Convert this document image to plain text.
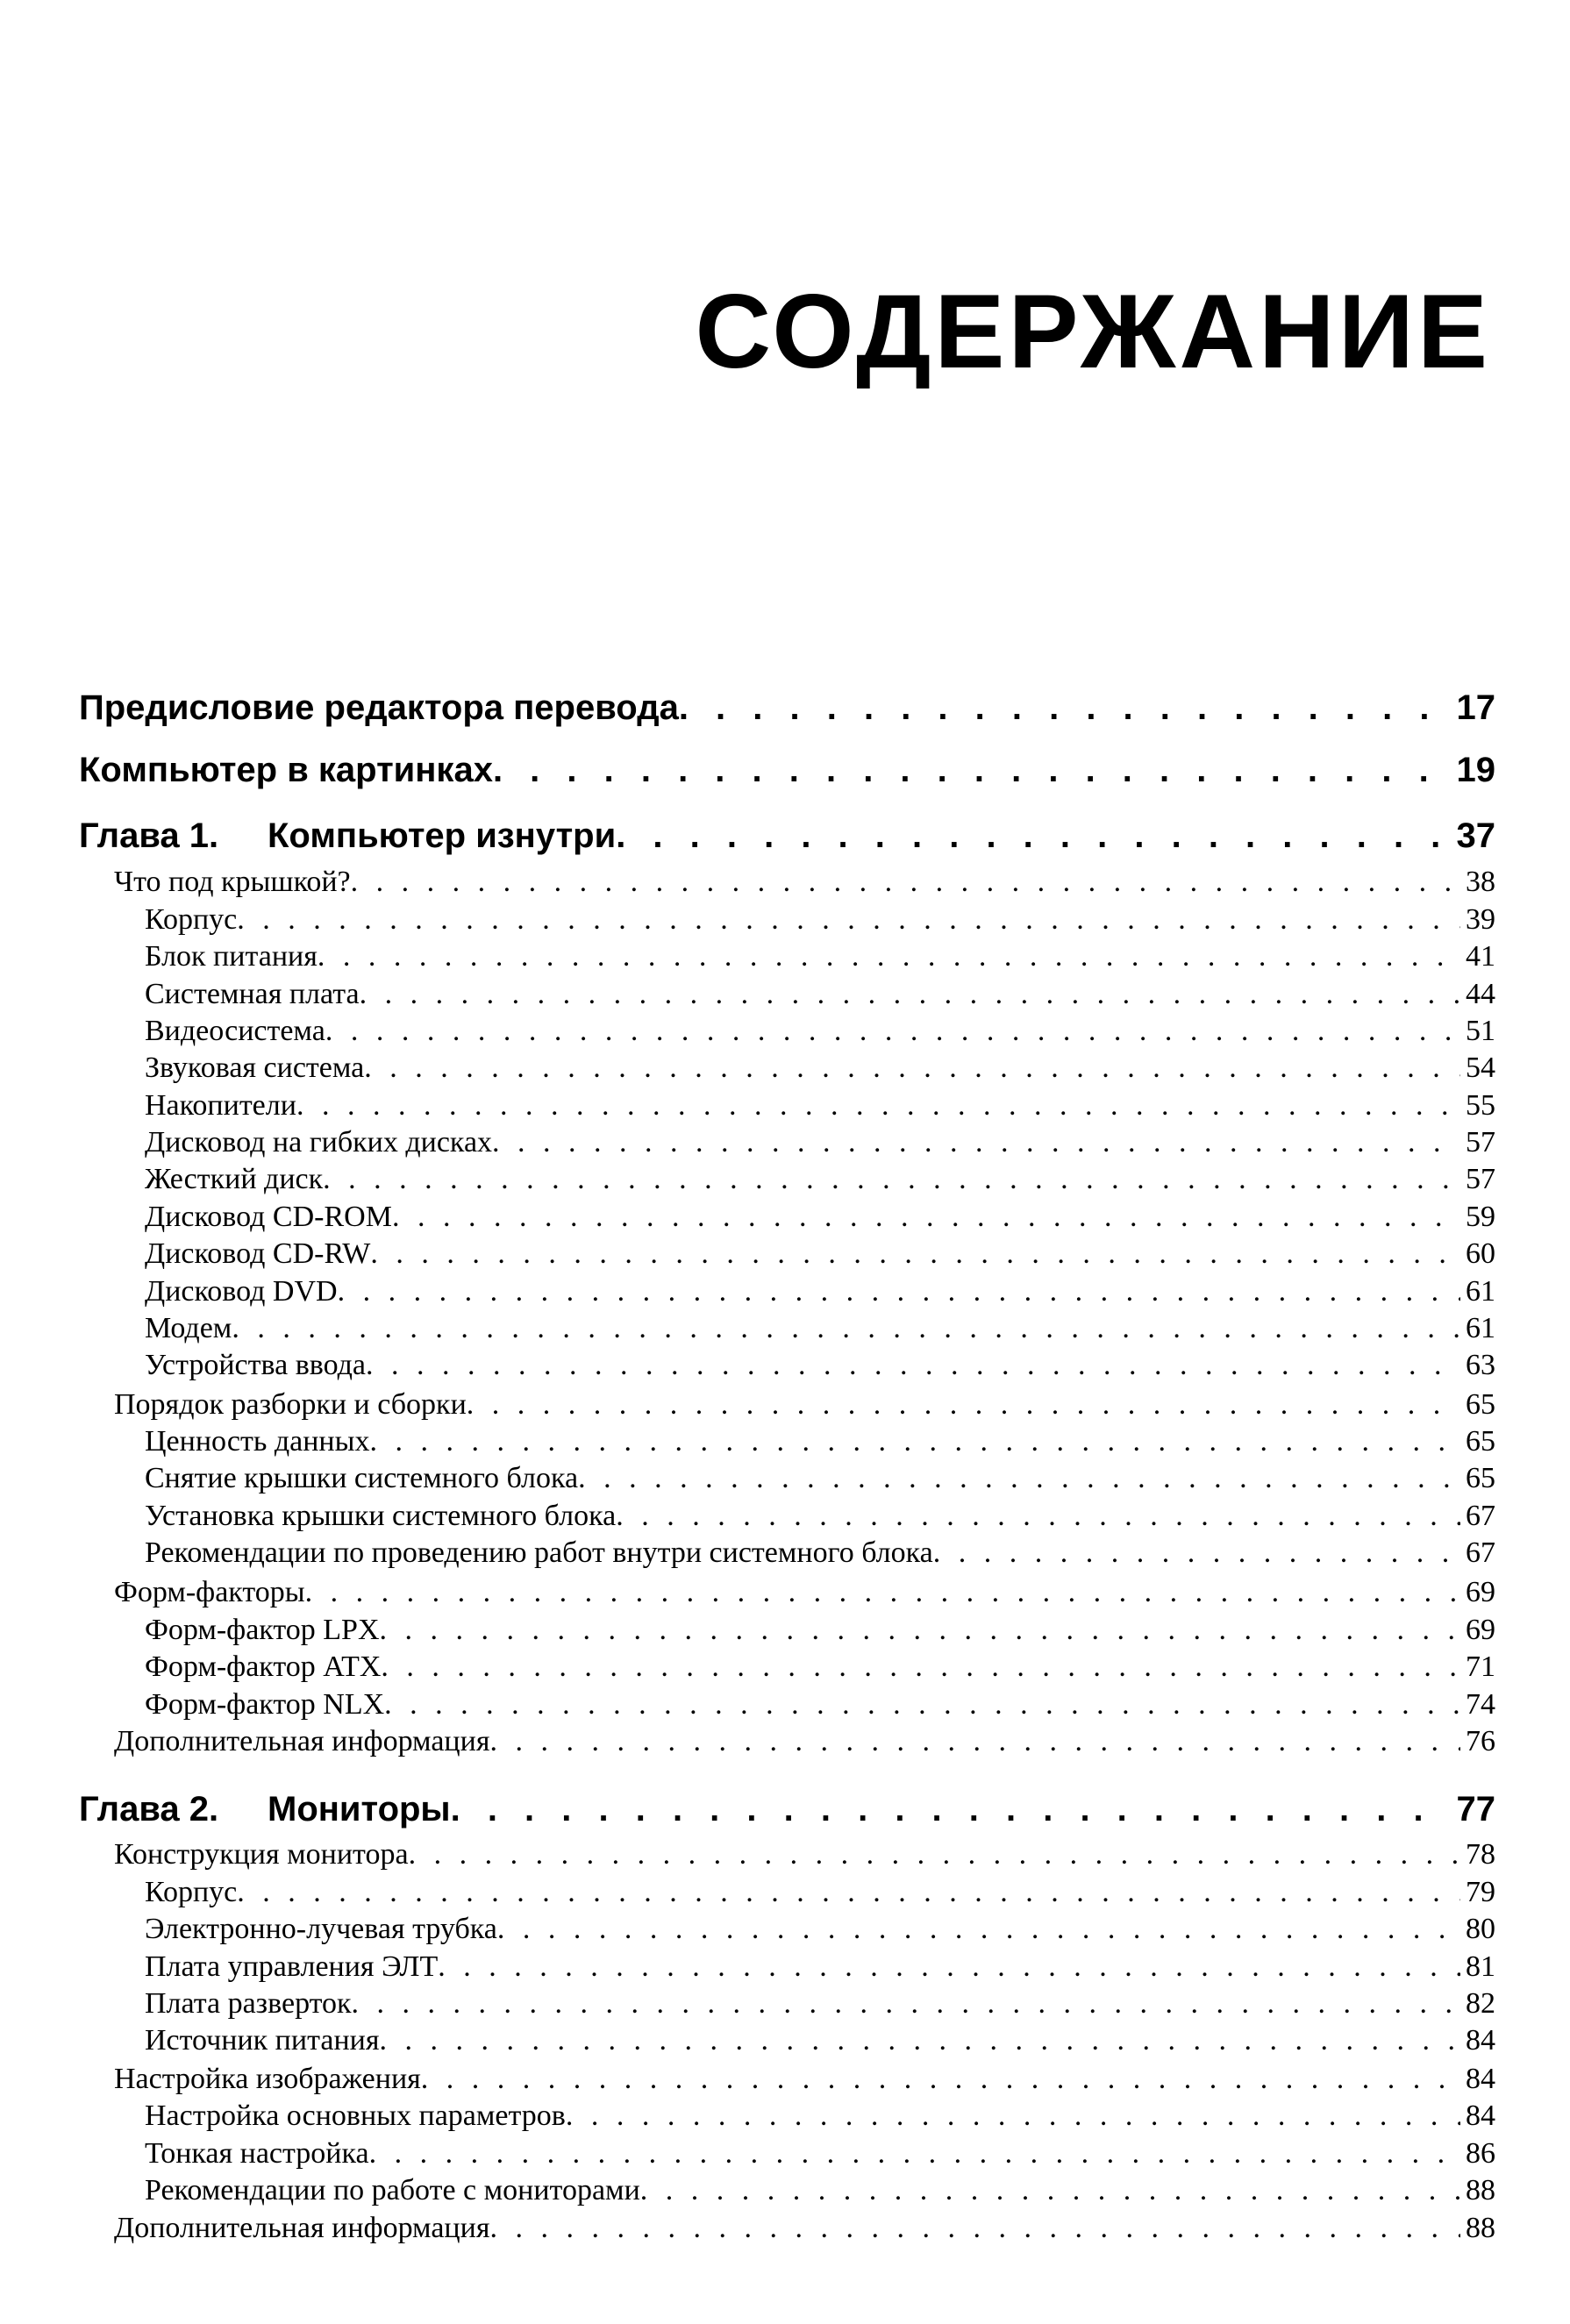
СОДЕРЖАНИЕ
Предисловие редактора перевода . . .	17
Компьютер в картинках . . .	19
Глава 1. Компьютер изнутри . . .	37
Что под крышкой? . . .	38
Корпус . . .	39
Блок питания . . .	41
Системная плата . . .	44
Видеосистема . . .	51
Звуковая система . . .	54
Накопители . . .	55
Дисковод на гибких дисках . . .	57
Жесткий диск . . .	57
Дисковод CD-ROM . . .	59
Дисковод CD-RW . . .	60
Дисковод DVD . . .	61
Модем . . .	61
Устройства ввода . . .	63
Порядок разборки и сборки . . .	65
Ценность данных . . .	65
Снятие крышки системного блока . . .	65
Установка крышки системного блока . . .	67
Рекомендации по проведению работ внутри системного блока . . .	67
Форм-факторы . . .	69
Форм-фактор LPX . . .	69
Форм-фактор ATX . . .	71
Форм-фактор NLX . . .	74
Дополнительная информация . . .	76
Глава 2. Мониторы . . .	77
Конструкция монитора . . .	78
Корпус . . .	79
Электронно-лучевая трубка . . .	80
Плата управления ЭЛТ . . .	81
Плата разверток . . .	82
Источник питания . . .	84
Настройка изображения . . .	84
Настройка основных параметров . . .	84
Тонкая настройка . . .	86
Рекомендации по работе с мониторами . . .	88
Дополнительная информация . . .	88
